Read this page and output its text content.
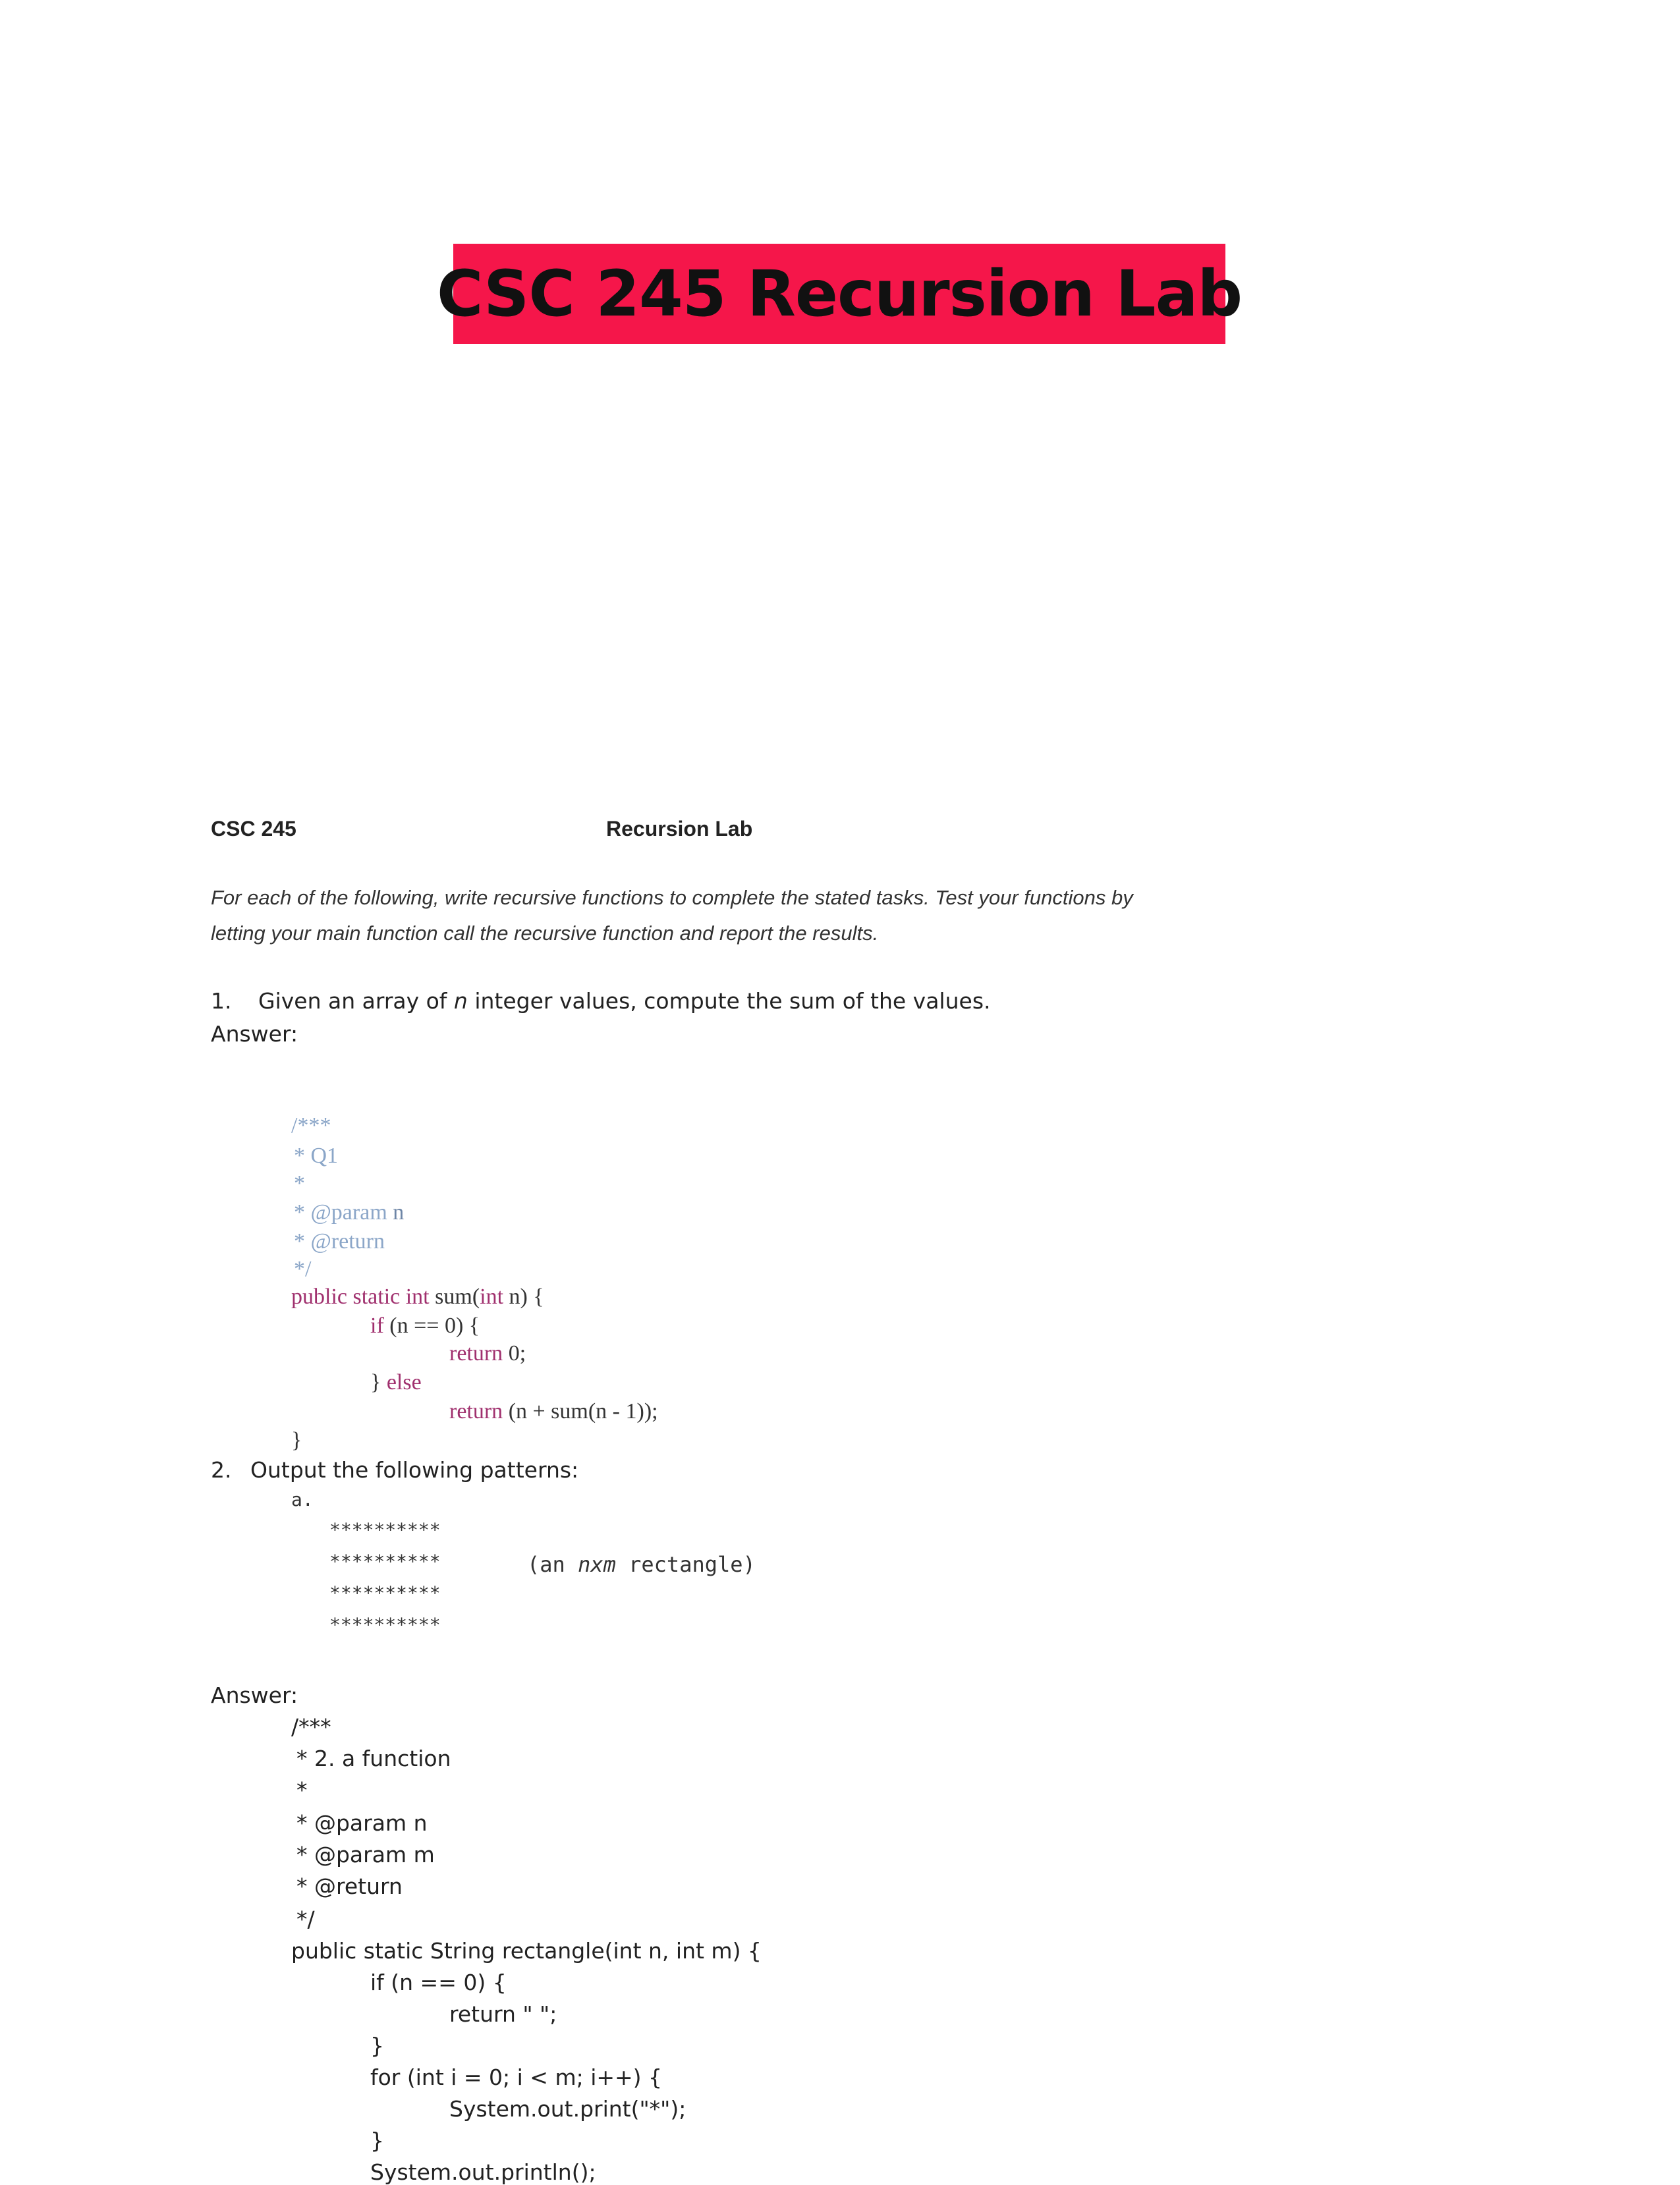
CSC 245 Recursion Lab
CSC 245	Recursion Lab
For each of the following, write recursive functions to complete the stated tasks. Test your functions by
letting your main function call the recursive function and report the results.
1. Given an array of n integer values, compute the sum of the values.
Answer:
/***
* Q1
*
* @param n
* @return
*/
public static int sum(int n) {
if (n == 0) {
return 0;
} else
return (n + sum(n - 1));
}
2. Output the following patterns:
a.
**********
**********
**********
**********
(an nxm rectangle)
Answer:
/***
* 2. a function
*
* @param n
* @param m
* @return
*/
public static String rectangle(int n, int m) {
if (n == 0) {
return " ";
}
for (int i = 0; i < m; i++) {
System.out.print("*");
}
System.out.println();
